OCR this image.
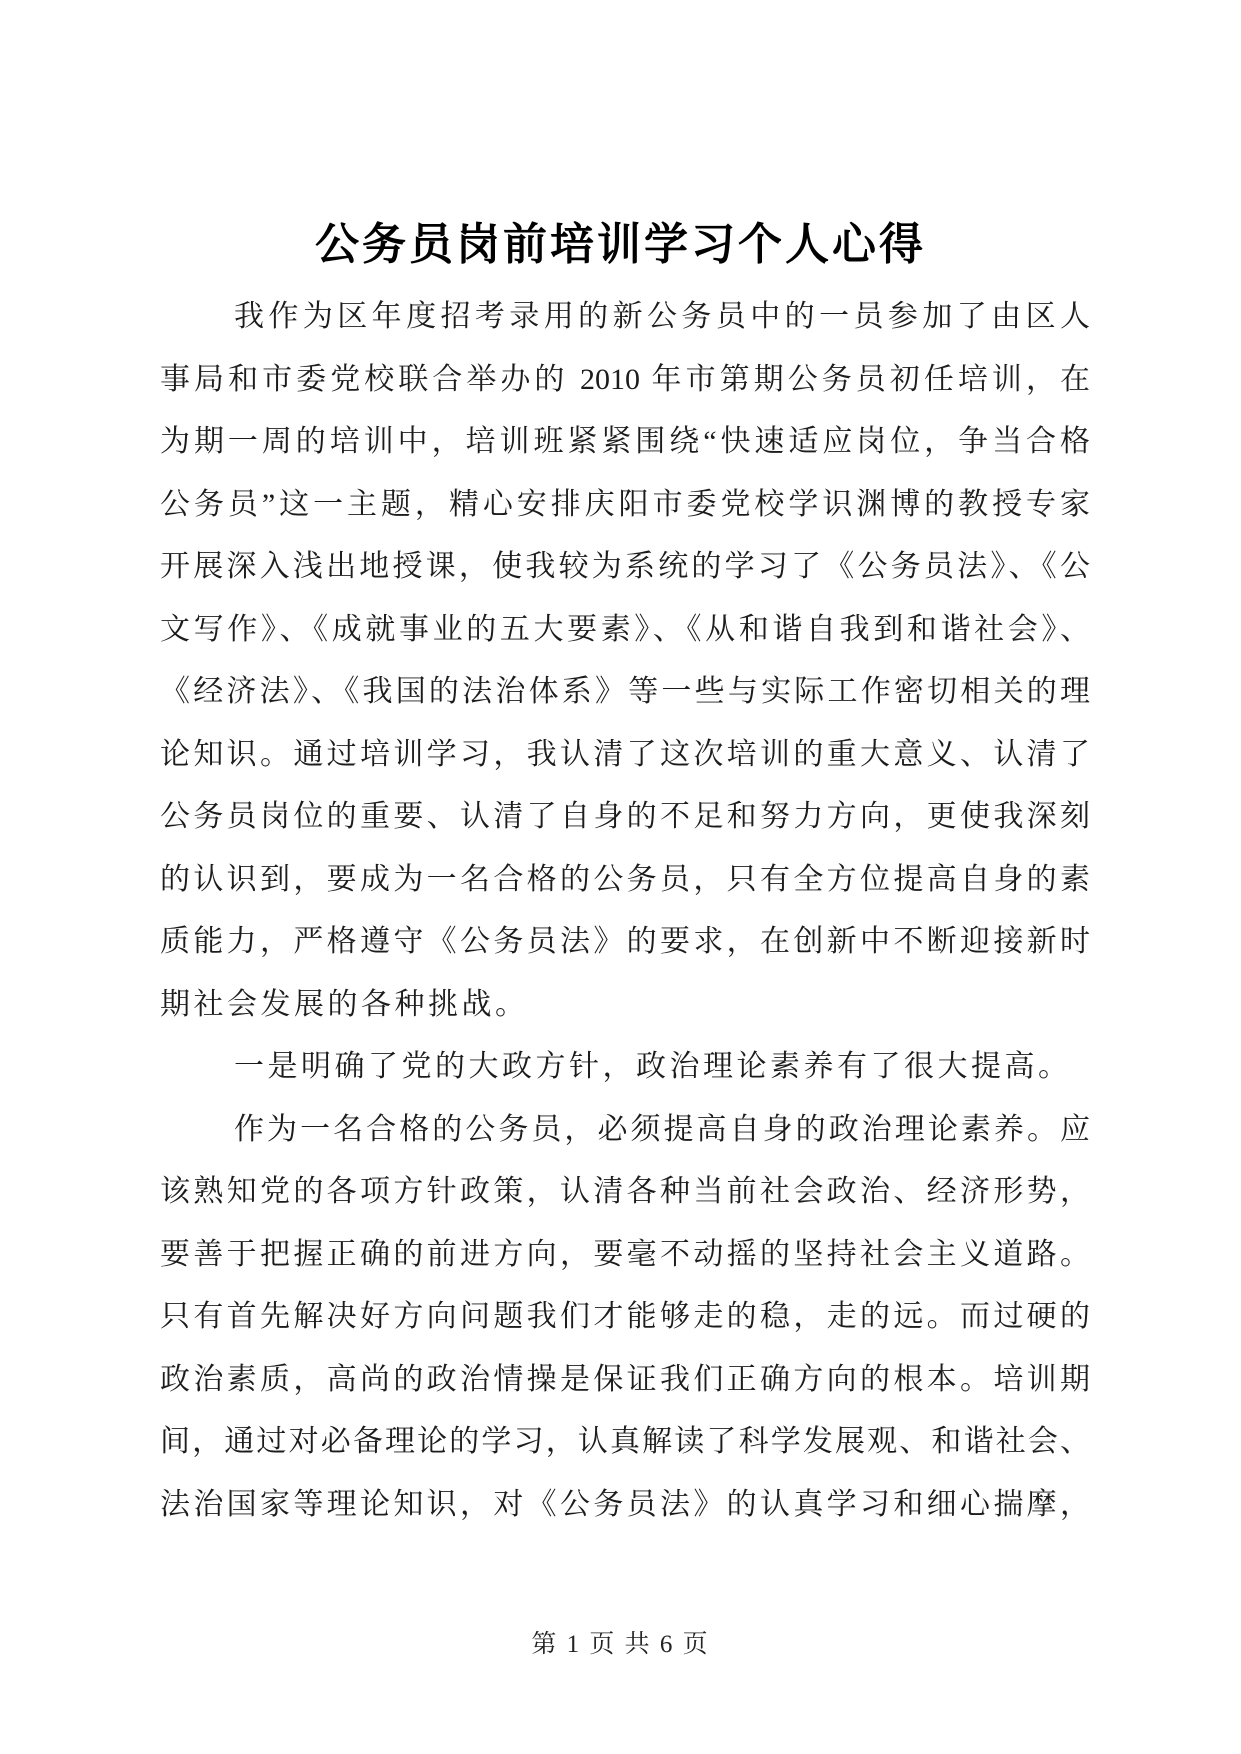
公务员岗前培训学习个人心得
我作为区年度招考录用的新公务员中的一员参加了由区人
事局和市委党校联合举办的 2010 年市第期公务员初任培训，在
为期一周的培训中，培训班紧紧围绕“快速适应岗位，争当合格
公务员”这一主题，精心安排庆阳市委党校学识渊博的教授专家
开展深入浅出地授课，使我较为系统的学习了《公务员法》、《公
文写作》、《成就事业的五大要素》、《从和谐自我到和谐社会》、
《经济法》、《我国的法治体系》等一些与实际工作密切相关的理
论知识。通过培训学习，我认清了这次培训的重大意义、认清了
公务员岗位的重要、认清了自身的不足和努力方向，更使我深刻
的认识到，要成为一名合格的公务员，只有全方位提高自身的素
质能力，严格遵守《公务员法》的要求，在创新中不断迎接新时
期社会发展的各种挑战。
一是明确了党的大政方针，政治理论素养有了很大提高。
作为一名合格的公务员，必须提高自身的政治理论素养。应
该熟知党的各项方针政策，认清各种当前社会政治、经济形势，
要善于把握正确的前进方向，要毫不动摇的坚持社会主义道路。
只有首先解决好方向问题我们才能够走的稳，走的远。而过硬的
政治素质，高尚的政治情操是保证我们正确方向的根本。培训期
间，通过对必备理论的学习，认真解读了科学发展观、和谐社会、
法治国家等理论知识，对《公务员法》的认真学习和细心揣摩，
第 1 页 共 6 页
